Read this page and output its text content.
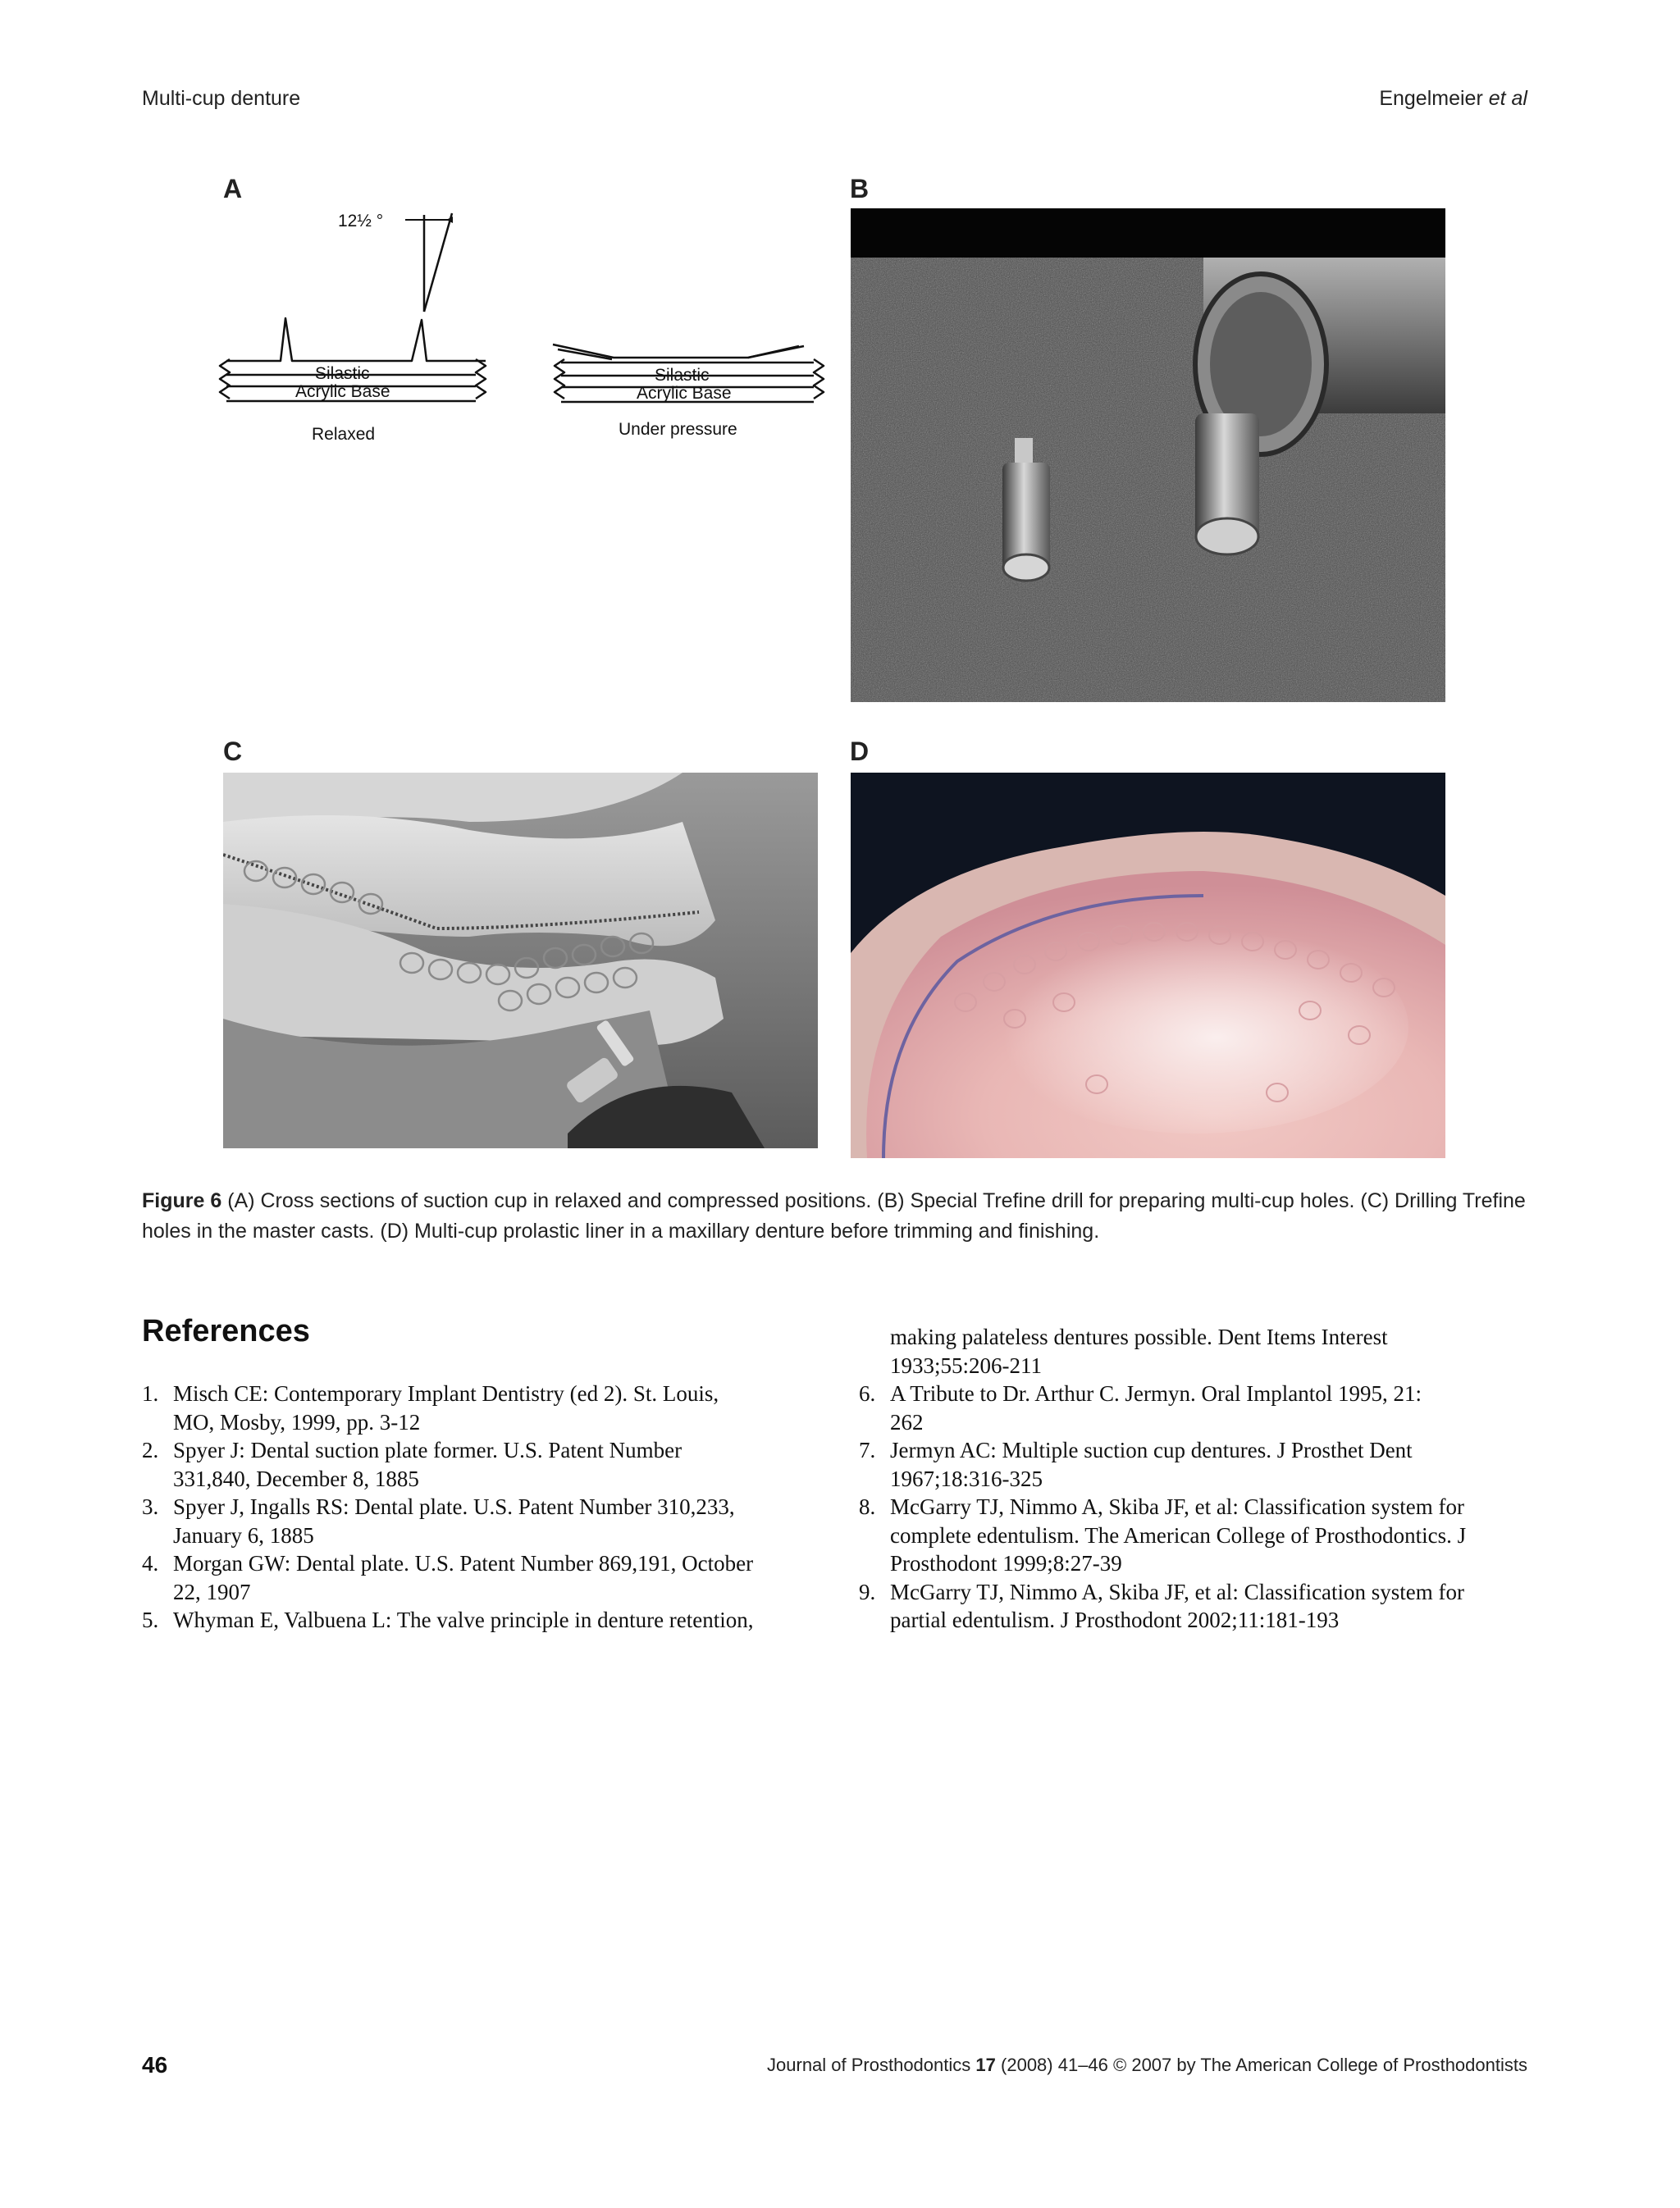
Multi-cup denture	Engelmeier et al
A	B
C	D
12½ °
Silastic
Acrylic Base
Relaxed
Silastic
Acrylic Base
Under pressure
Figure 6 (A) Cross sections of suction cup in relaxed and compressed positions. (B) Special Trefine drill for preparing multi-cup holes. (C) Drilling Trefine holes in the master casts. (D) Multi-cup prolastic liner in a maxillary denture before trimming and finishing.
References
1. Misch CE: Contemporary Implant Dentistry (ed 2). St. Louis,
MO, Mosby, 1999, pp. 3-12
2. Spyer J: Dental suction plate former. U.S. Patent Number
331,840, December 8, 1885
3. Spyer J, Ingalls RS: Dental plate. U.S. Patent Number 310,233,
January 6, 1885
4. Morgan GW: Dental plate. U.S. Patent Number 869,191, October
22, 1907
5. Whyman E, Valbuena L: The valve principle in denture retention,
making palateless dentures possible. Dent Items Interest
1933;55:206-211
6. A Tribute to Dr. Arthur C. Jermyn. Oral Implantol 1995, 21:
262
7. Jermyn AC: Multiple suction cup dentures. J Prosthet Dent
1967;18:316-325
8. McGarry TJ, Nimmo A, Skiba JF, et al: Classification system for
complete edentulism. The American College of Prosthodontics. J
Prosthodont 1999;8:27-39
9. McGarry TJ, Nimmo A, Skiba JF, et al: Classification system for
partial edentulism. J Prosthodont 2002;11:181-193
46	Journal of Prosthodontics 17 (2008) 41–46 © 2007 by The American College of Prosthodontists
